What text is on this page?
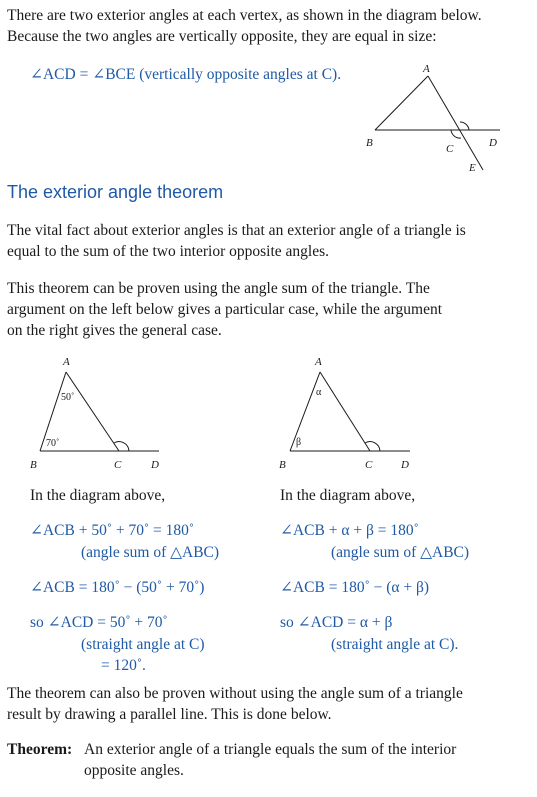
There are two exterior angles at each vertex, as shown in the diagram below.
Because the two angles are vertically opposite, they are equal in size:
∠ACD = ∠BCE (vertically opposite angles at C).	A
B	C	D
E
The exterior angle theorem
The vital fact about exterior angles is that an exterior angle of a triangle is
equal to the sum of the two interior opposite angles.
This theorem can be proven using the angle sum of the triangle. The
argument on the left below gives a particular case, while the argument
on the right gives the general case.
A
B	C	D
50˚
70˚
A
B	C	D
α
β
In the diagram above,
∠ACB + 50˚ + 70˚ = 180˚
(angle sum of △ABC)
∠ACB = 180˚ − (50˚ + 70˚)
so ∠ACD = 50˚ + 70˚
(straight angle at C)
= 120˚.
In the diagram above,
∠ACB + α + β = 180˚
(angle sum of △ABC)
∠ACB = 180˚ − (α + β)
so ∠ACD = α + β
(straight angle at C).
The theorem can also be proven without using the angle sum of a triangle
result by drawing a parallel line. This is done below.
Theorem: An exterior angle of a triangle equals the sum of the interior
opposite angles.
